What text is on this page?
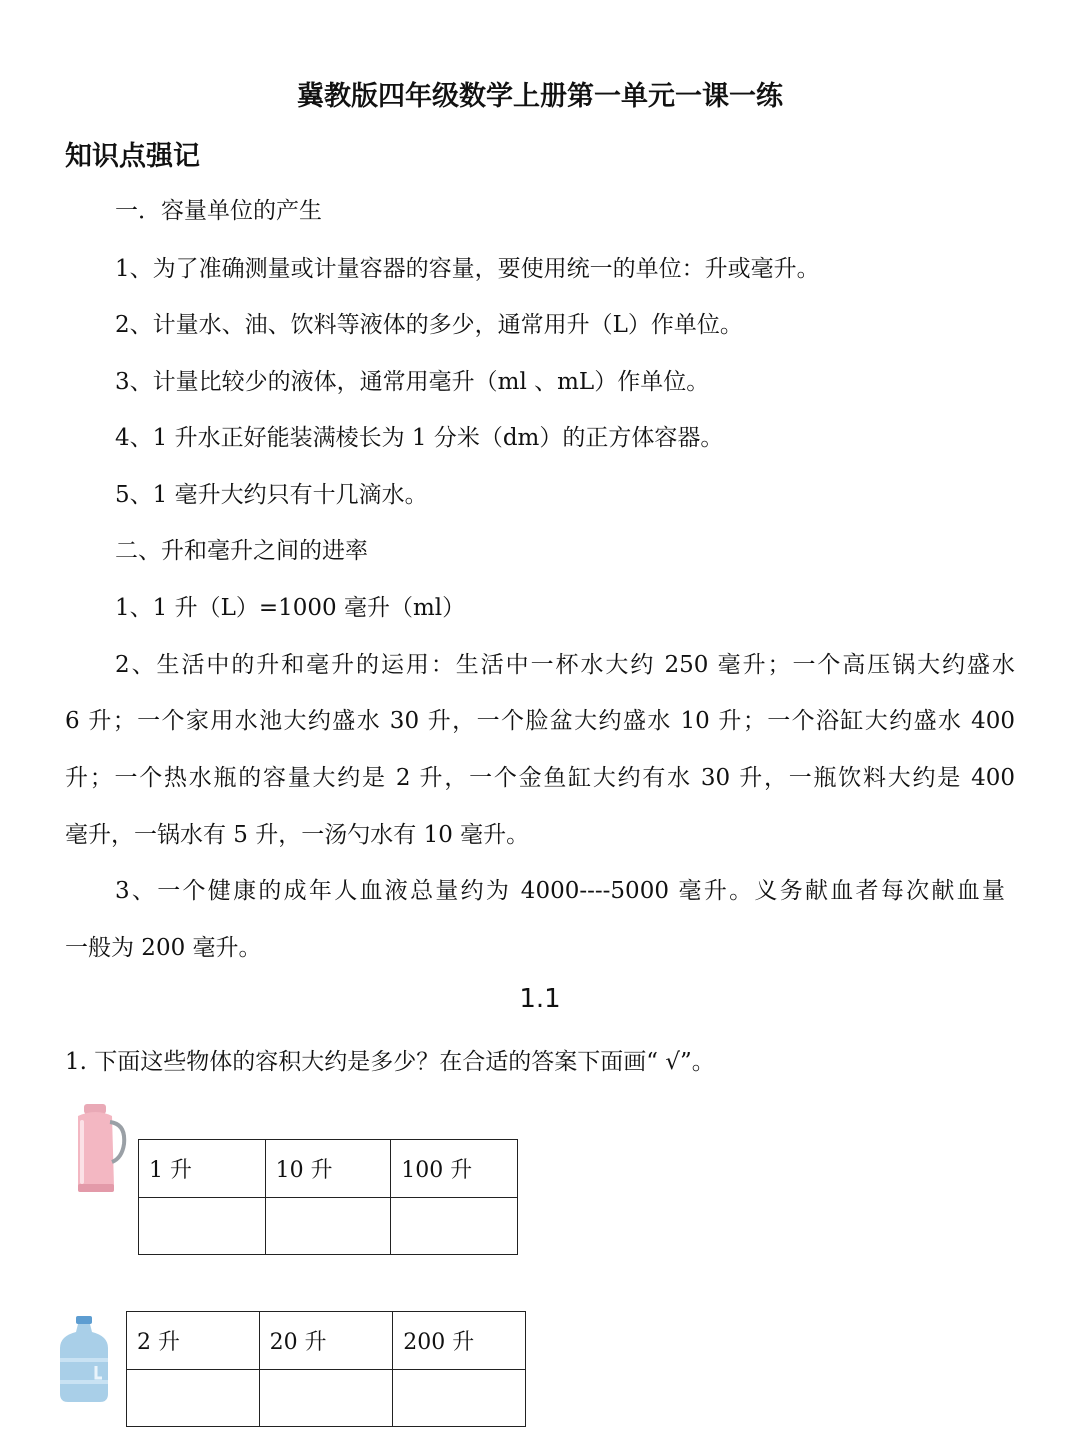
冀教版四年级数学上册第一单元一课一练
知识点强记
一．容量单位的产生
1、为了准确测量或计量容器的容量，要使用统一的单位：升或毫升。
2、计量水、油、饮料等液体的多少，通常用升（L）作单位。
3、计量比较少的液体，通常用毫升（ml 、mL）作单位。
4、1 升水正好能装满棱长为 1 分米（dm）的正方体容器。
5、1 毫升大约只有十几滴水。
二、升和毫升之间的进率
1、1 升（L）=1000 毫升（ml）
2、生活中的升和毫升的运用：生活中一杯水大约 250 毫升；一个高压锅大约盛水
6 升；一个家用水池大约盛水 30 升，一个脸盆大约盛水 10 升；一个浴缸大约盛水 400
升；一个热水瓶的容量大约是 2 升，一个金鱼缸大约有水 30 升，一瓶饮料大约是 400
毫升，一锅水有 5 升，一汤勺水有 10 毫升。
3、一个健康的成年人血液总量约为 4000----5000 毫升。义务献血者每次献血量
一般为 200 毫升。
1.1
1. 下面这些物体的容积大约是多少？在合适的答案下面画“ √”。
1 升	10 升	100 升

2 升	20 升	200 升
